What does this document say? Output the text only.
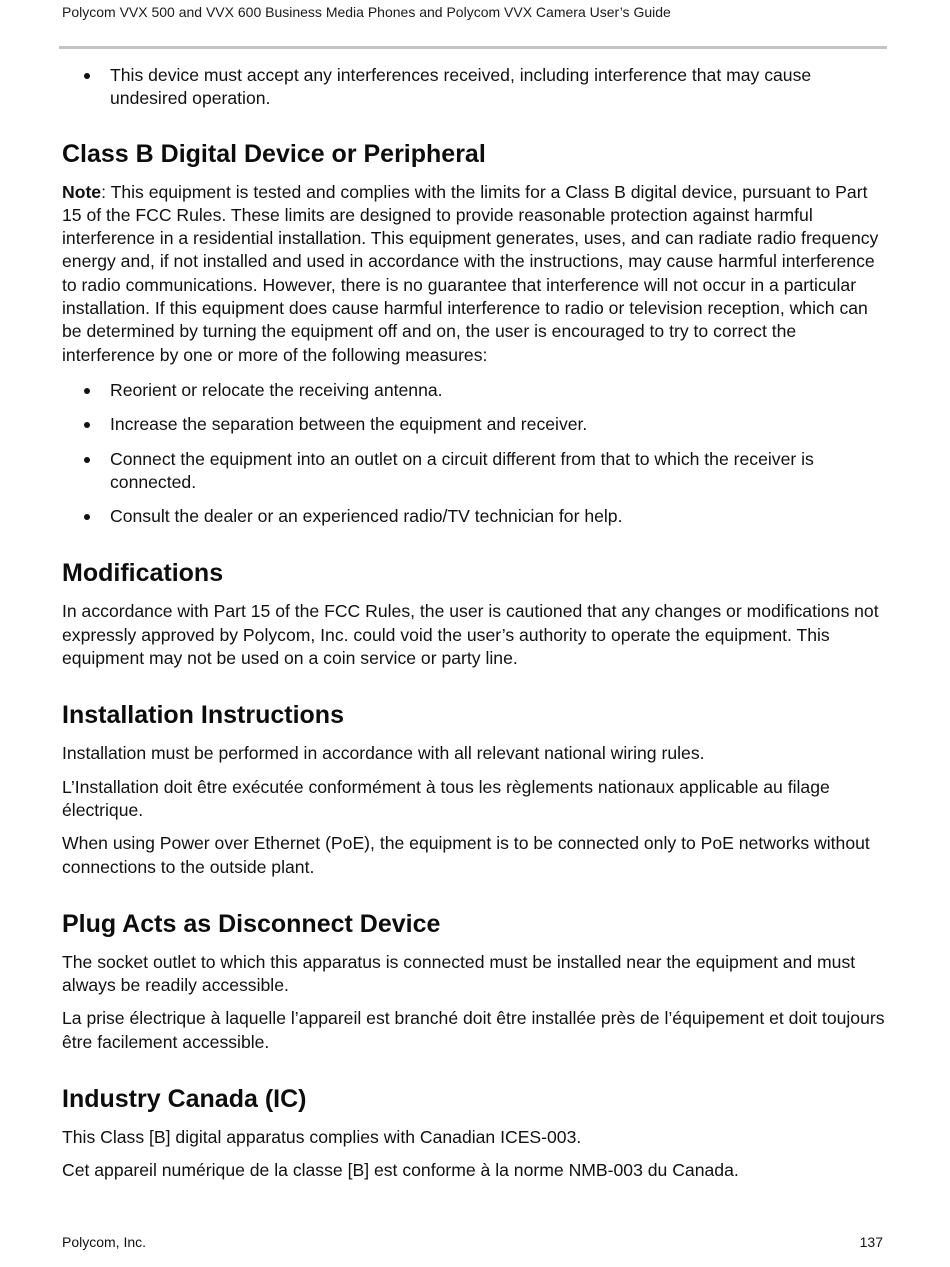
Polycom VVX 500 and VVX 600 Business Media Phones and Polycom VVX Camera User’s Guide
This device must accept any interferences received, including interference that may cause undesired operation.
Class B Digital Device or Peripheral

Note: This equipment is tested and complies with the limits for a Class B digital device, pursuant to Part 15 of the FCC Rules. These limits are designed to provide reasonable protection against harmful interference in a residential installation. This equipment generates, uses, and can radiate radio frequency energy and, if not installed and used in accordance with the instructions, may cause harmful interference to radio communications. However, there is no guarantee that interference will not occur in a particular installation. If this equipment does cause harmful interference to radio or television reception, which can be determined by turning the equipment off and on, the user is encouraged to try to correct the interference by one or more of the following measures:

Reorient or relocate the receiving antenna.
Increase the separation between the equipment and receiver.
Connect the equipment into an outlet on a circuit different from that to which the receiver is connected.
Consult the dealer or an experienced radio/TV technician for help.
Modifications

In accordance with Part 15 of the FCC Rules, the user is cautioned that any changes or modifications not expressly approved by Polycom, Inc. could void the user’s authority to operate the equipment. This equipment may not be used on a coin service or party line.

Installation Instructions

Installation must be performed in accordance with all relevant national wiring rules.

L’Installation doit être exécutée conformément à tous les règlements nationaux applicable au filage électrique.

When using Power over Ethernet (PoE), the equipment is to be connected only to PoE networks without connections to the outside plant.

Plug Acts as Disconnect Device

The socket outlet to which this apparatus is connected must be installed near the equipment and must always be readily accessible.

La prise électrique à laquelle l’appareil est branché doit être installée près de l’équipement et doit toujours être facilement accessible.

Industry Canada (IC)

This Class [B] digital apparatus complies with Canadian ICES-003.

Cet appareil numérique de la classe [B] est conforme à la norme NMB-003 du Canada.

Polycom, Inc.	137
